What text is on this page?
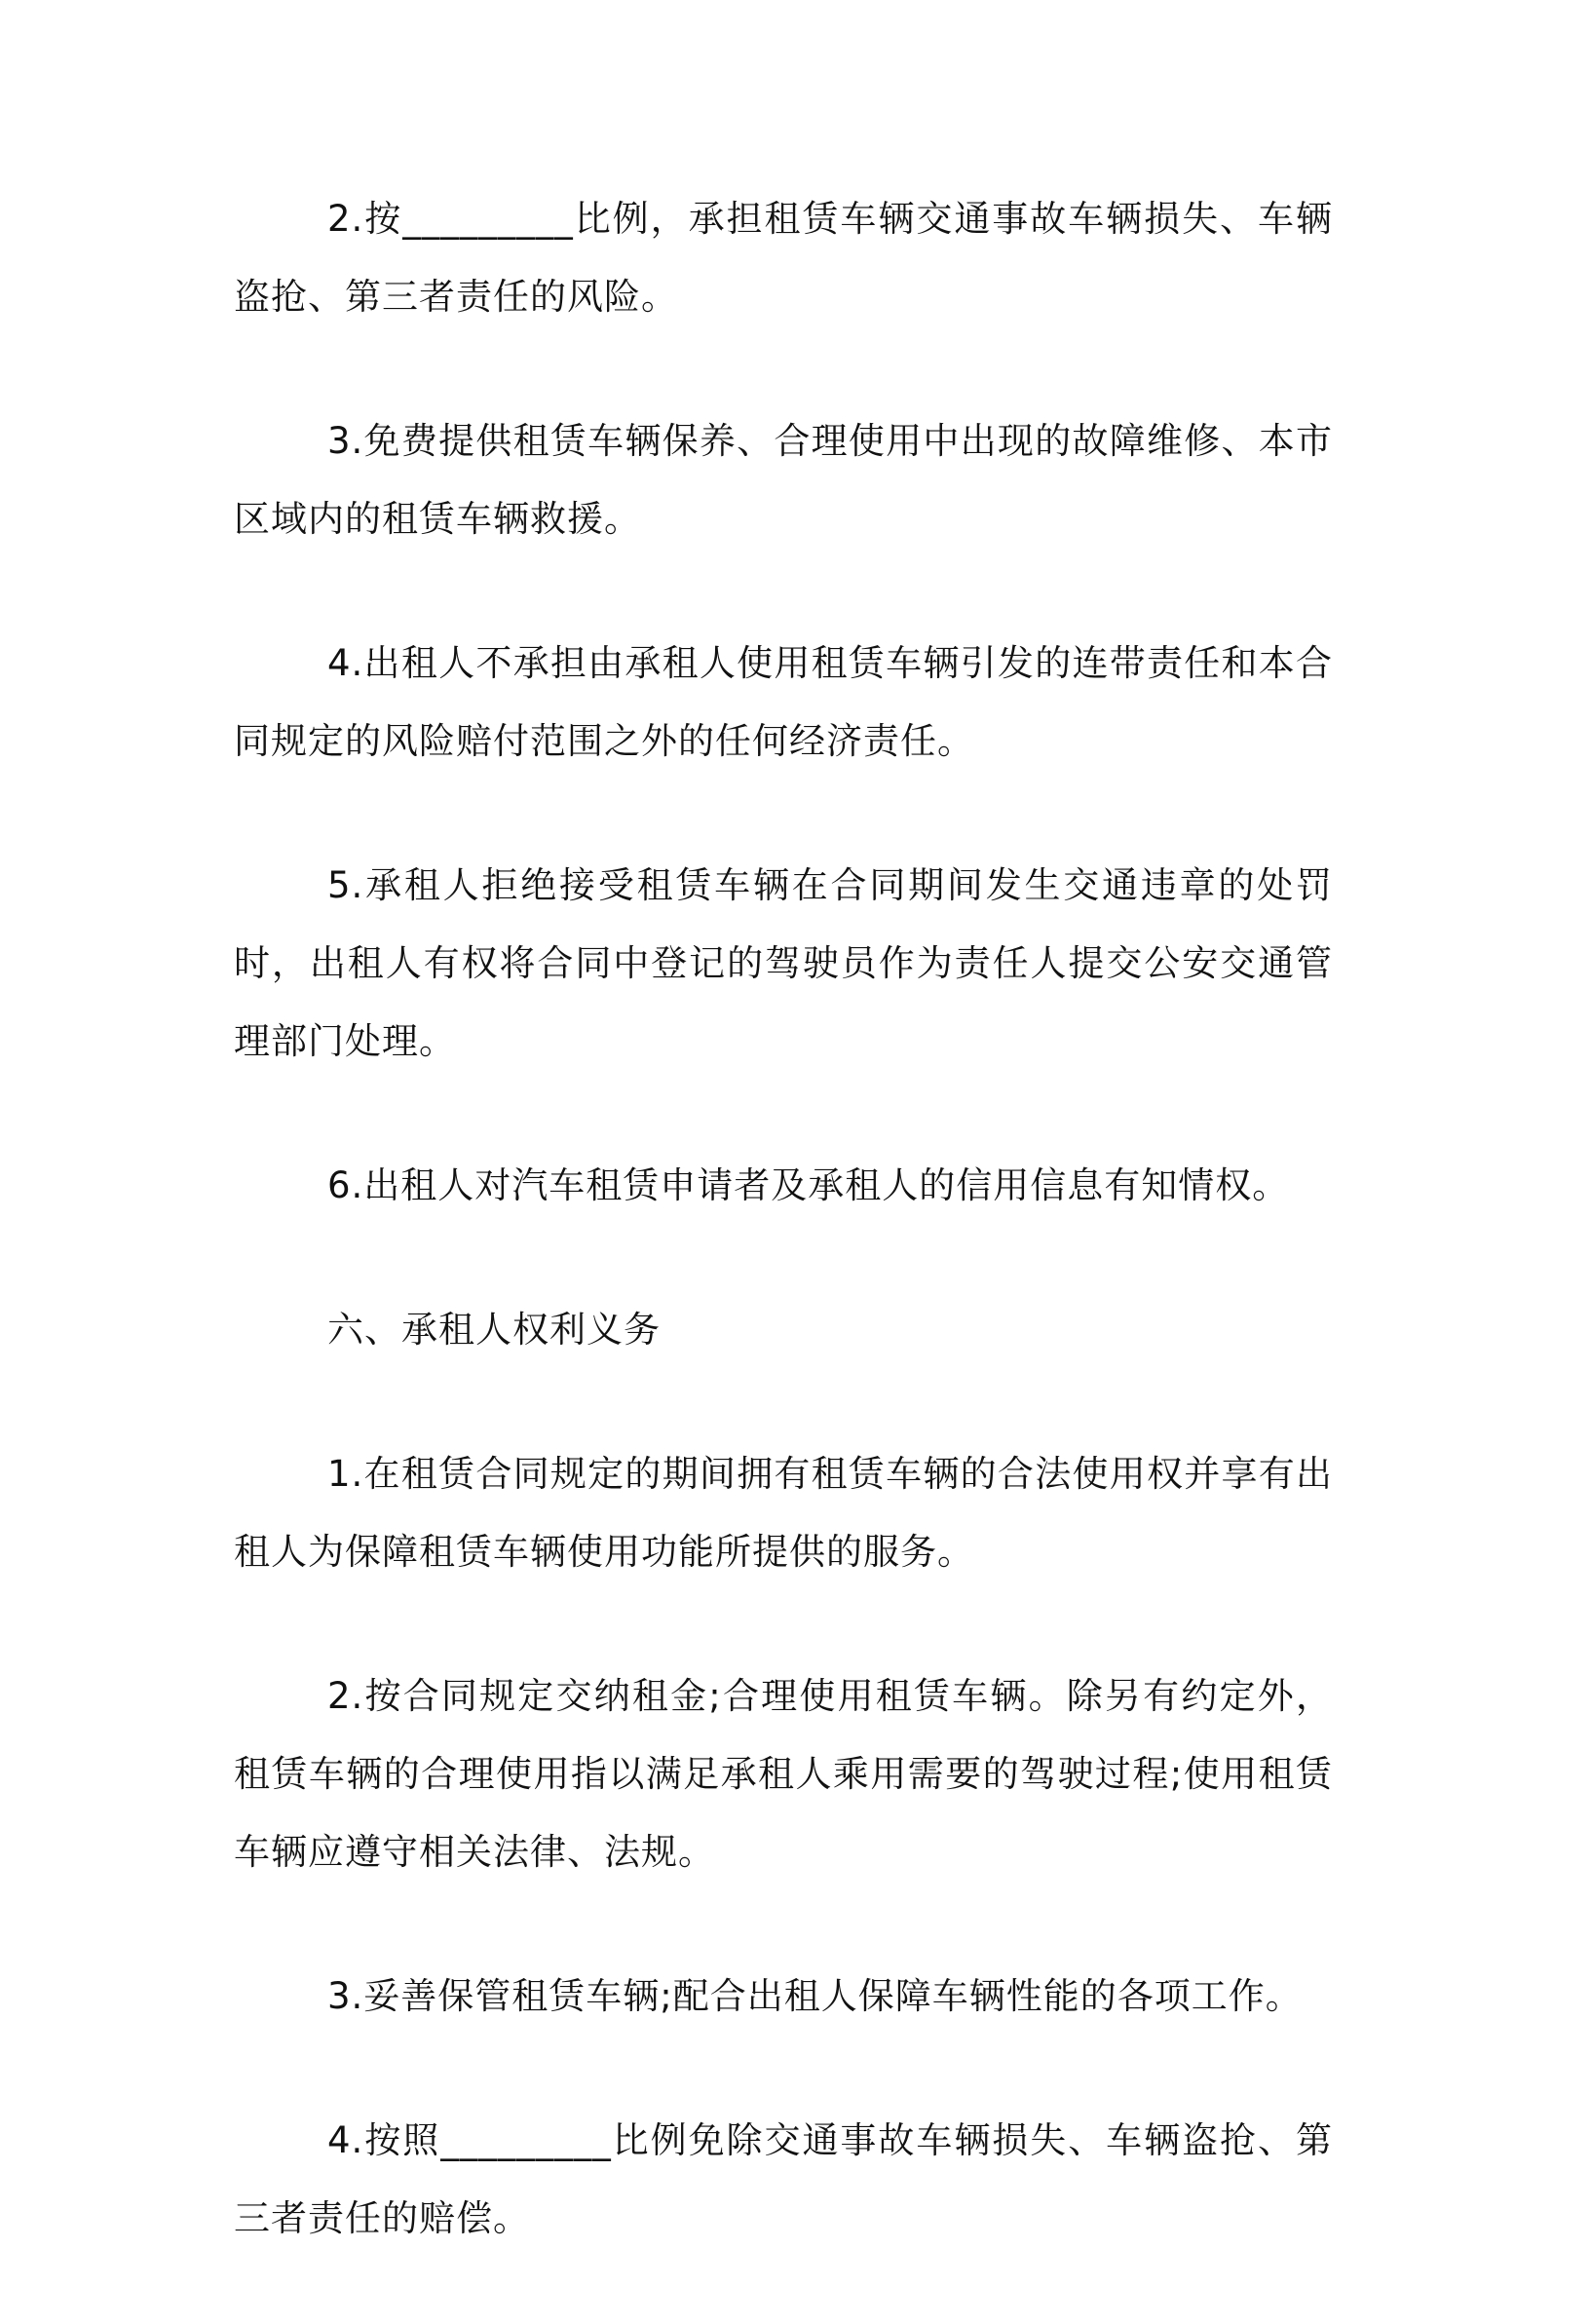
2.按_________比例，承担租赁车辆交通事故车辆损失、车辆盗抢、第三者责任的风险。

3.免费提供租赁车辆保养、合理使用中出现的故障维修、本市区域内的租赁车辆救援。

4.出租人不承担由承租人使用租赁车辆引发的连带责任和本合同规定的风险赔付范围之外的任何经济责任。

5.承租人拒绝接受租赁车辆在合同期间发生交通违章的处罚时，出租人有权将合同中登记的驾驶员作为责任人提交公安交通管理部门处理。

6.出租人对汽车租赁申请者及承租人的信用信息有知情权。

六、承租人权利义务

1.在租赁合同规定的期间拥有租赁车辆的合法使用权并享有出租人为保障租赁车辆使用功能所提供的服务。

2.按合同规定交纳租金;合理使用租赁车辆。除另有约定外，租赁车辆的合理使用指以满足承租人乘用需要的驾驶过程;使用租赁车辆应遵守相关法律、法规。

3.妥善保管租赁车辆;配合出租人保障车辆性能的各项工作。

4.按照_________比例免除交通事故车辆损失、车辆盗抢、第三者责任的赔偿。
